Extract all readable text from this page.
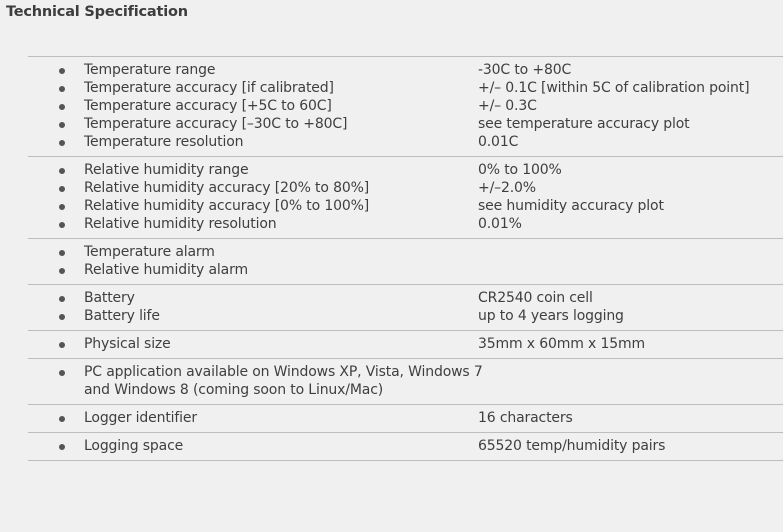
Technical Specification
Temperature range	-30C to +80C
Temperature accuracy [if calibrated]	+/– 0.1C [within 5C of calibration point]
Temperature accuracy [+5C to 60C]	+/– 0.3C
Temperature accuracy [–30C to +80C]	see temperature accuracy plot
Temperature resolution	0.01C
Relative humidity range	0% to 100%
Relative humidity accuracy [20% to 80%]	+/–2.0%
Relative humidity accuracy [0% to 100%]	see humidity accuracy plot
Relative humidity resolution	0.01%
Temperature alarm
Relative humidity alarm
Battery	CR2540 coin cell
Battery life	up to 4 years logging
Physical size	35mm x 60mm x 15mm
PC application available on Windows XP, Vista, Windows 7 and Windows 8 (coming soon to Linux/Mac)
Logger identifier	16 characters
Logging space	65520 temp/humidity pairs
